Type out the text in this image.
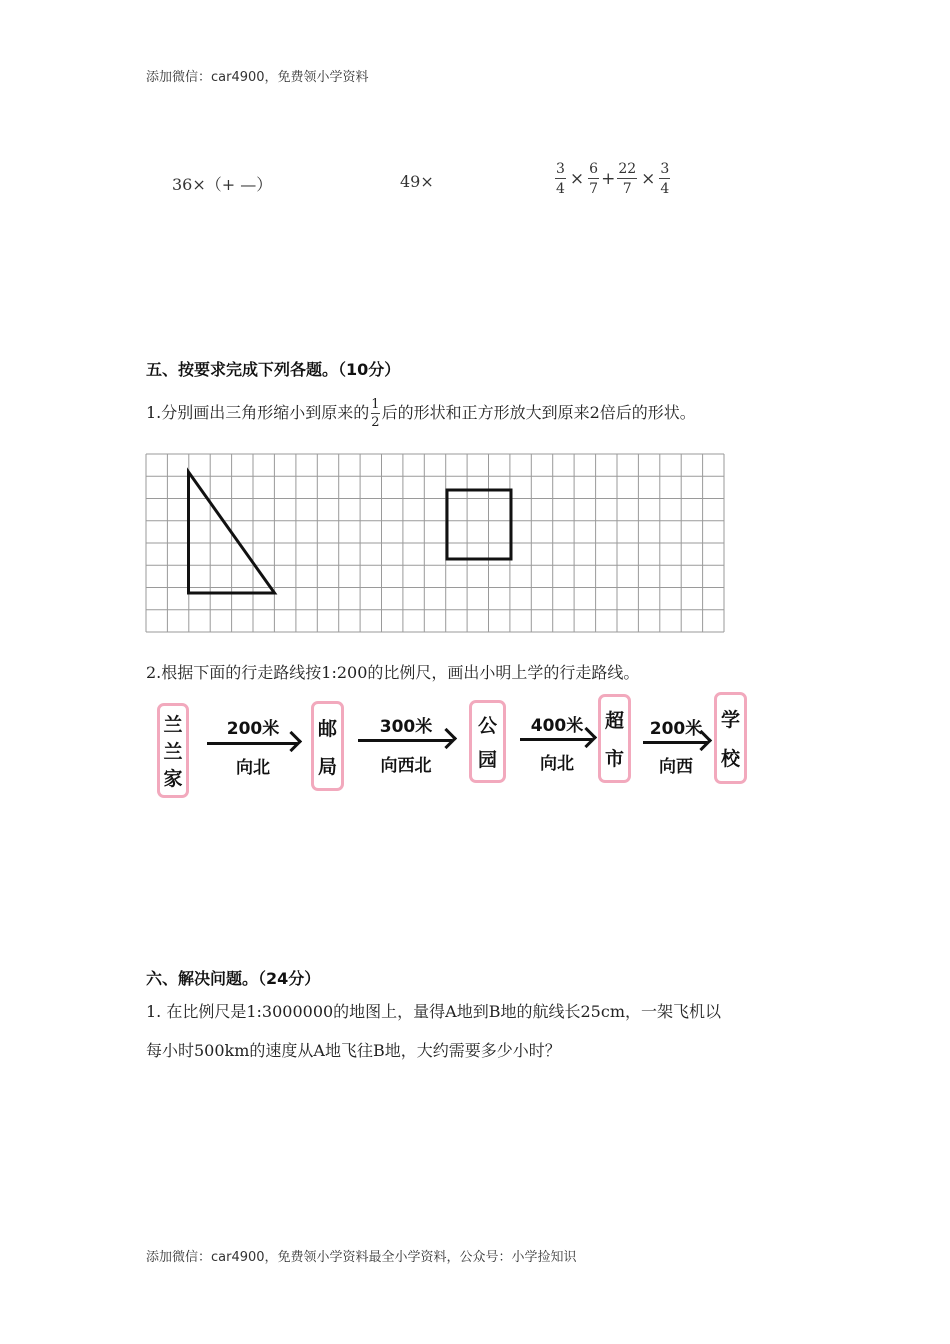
添加微信：car4900，免费领小学资料
36×（+ —）	49×	$\frac{3}{4} \times \frac{6}{7} + \frac{22}{7} \times \frac{3}{4}$
五、按要求完成下列各题。（10分）
1.分别画出三角形缩小到原来的 $\frac{1}{2}$ 后的形状和正方形放大到原来2倍后的形状。
2.根据下面的行走路线按1:200的比例尺，画出小明上学的行走路线。
兰
兰
家
邮
局
公
园
超
市
学
校
200米
向北
300米
向西北
400米
向北
200米
向西
六、解决问题。（24分）
1. 在比例尺是1:3000000的地图上，量得A地到B地的航线长25cm，一架飞机以
每小时500km的速度从A地飞往B地，大约需要多少小时？
添加微信：car4900，免费领小学资料最全小学资料，公众号：小学捡知识
